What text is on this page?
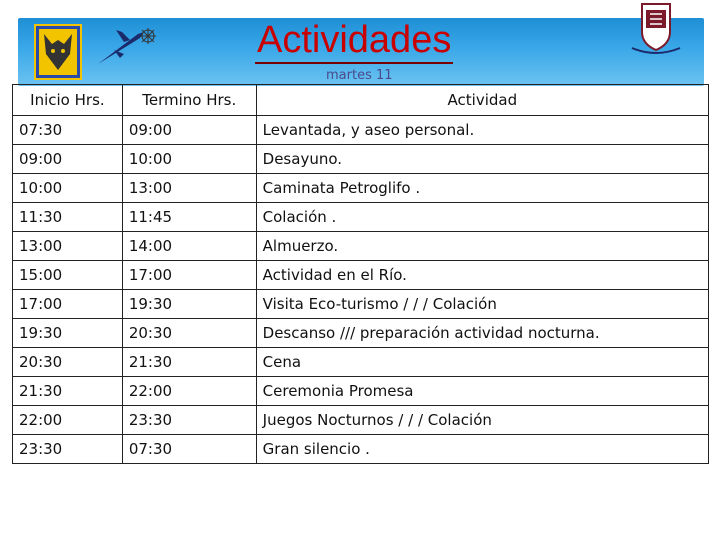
Actividades
martes 11
Inicio Hrs.	Termino Hrs.	Actividad
07:30	09:00	Levantada, y aseo personal.
09:00	10:00	Desayuno.
10:00	13:00	Caminata Petroglifo .
11:30	11:45	Colación .
13:00	14:00	Almuerzo.
15:00	17:00	Actividad en el Río.
17:00	19:30	Visita Eco-turismo / / / Colación
19:30	20:30	Descanso /// preparación actividad nocturna.
20:30	21:30	Cena
21:30	22:00	Ceremonia Promesa
22:00	23:30	Juegos Nocturnos / / / Colación
23:30	07:30	Gran silencio .
